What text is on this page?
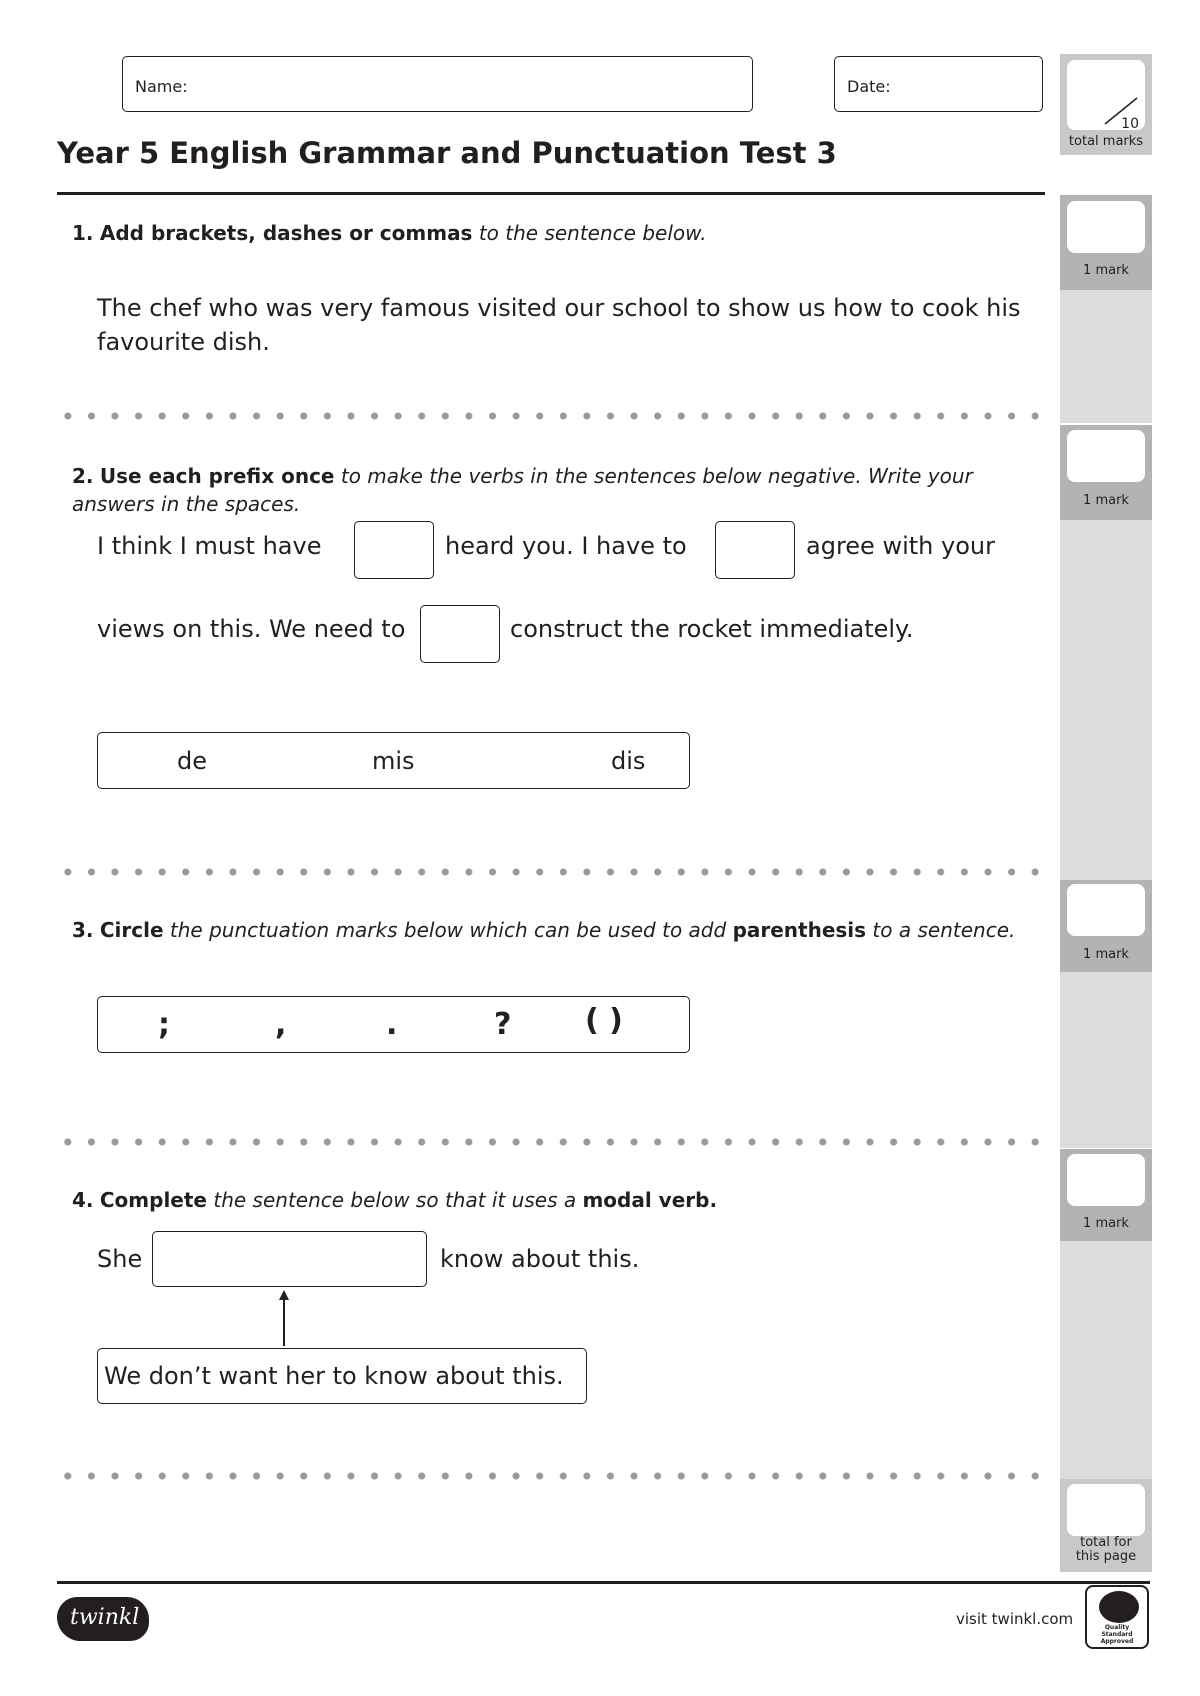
Name:	Date:
Year 5 English Grammar and Punctuation Test 3
10
total marks
1 mark
1. Add brackets, dashes or commas to the sentence below.
The chef who was very famous visited our school to show us how to cook his favourite dish.
1 mark
2. Use each prefix once to make the verbs in the sentences below negative. Write your answers in the spaces.
I think I must have	heard you. I have to	agree with your
views on this. We need to	construct the rocket immediately.
de	mis	dis
1 mark
3. Circle the punctuation marks below which can be used to add parenthesis to a sentence.
;	,	.	? ( )
1 mark
4. Complete the sentence below so that it uses a modal verb.
She	know about this.
We don’t want her to know about this.
total for this page
twinkl	visit twinkl.com	Quality Standard Approved
